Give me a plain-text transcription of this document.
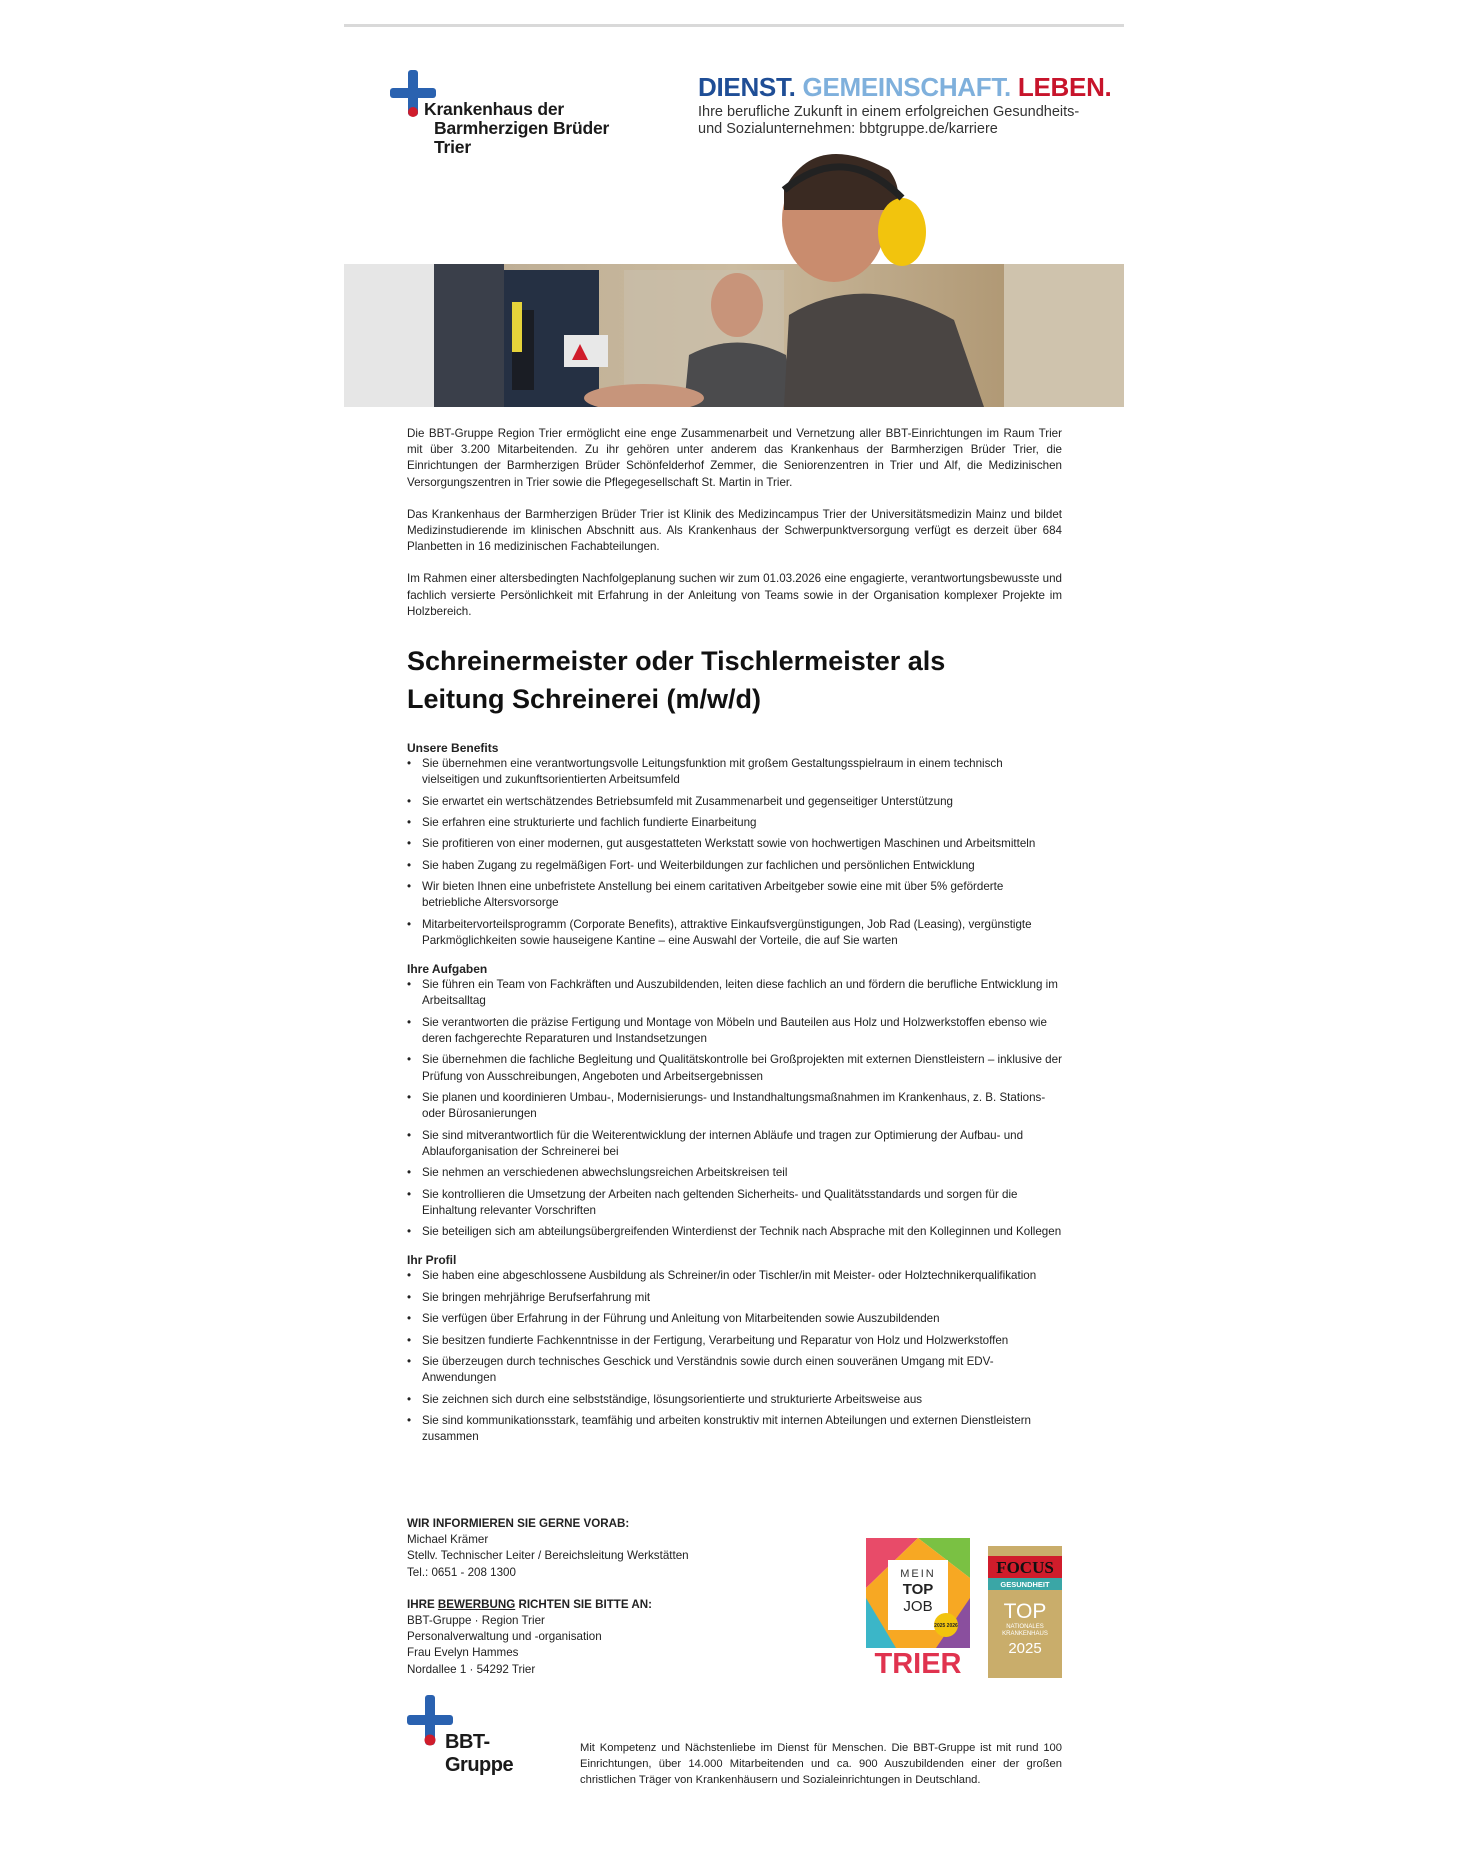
Krankenhaus der
Barmherzigen Brüder Trier
DIENST. GEMEINSCHAFT. LEBEN.
Ihre berufliche Zukunft in einem erfolgreichen Gesundheits-
und Sozialunternehmen: bbtgruppe.de/karriere

Die BBT-Gruppe Region Trier ermöglicht eine enge Zusammenarbeit und Vernetzung aller BBT-Einrichtungen im Raum Trier mit über 3.200 Mitarbeitenden. Zu ihr gehören unter anderem das Krankenhaus der Barmherzigen Brüder Trier, die Einrichtungen der Barmherzigen Brüder Schönfelderhof Zemmer, die Seniorenzentren in Trier und Alf, die Medizinischen Versorgungszentren in Trier sowie die Pflegegesellschaft St. Martin in Trier.

Das Krankenhaus der Barmherzigen Brüder Trier ist Klinik des Medizincampus Trier der Universitätsmedizin Mainz und bildet Medizinstudierende im klinischen Abschnitt aus. Als Krankenhaus der Schwerpunktversorgung verfügt es derzeit über 684 Planbetten in 16 medizinischen Fachabteilungen.

Im Rahmen einer altersbedingten Nachfolgeplanung suchen wir zum 01.03.2026 eine engagierte, verantwortungsbewusste und fachlich versierte Persönlichkeit mit Erfahrung in der Anleitung von Teams sowie in der Organisation komplexer Projekte im Holzbereich.

Schreinermeister oder Tischlermeister als
Leitung Schreinerei (m/w/d)
Unsere Benefits
• Sie übernehmen eine verantwortungsvolle Leitungsfunktion mit großem Gestaltungsspielraum in einem technisch vielseitigen und zukunftsorientierten Arbeitsumfeld
• Sie erwartet ein wertschätzendes Betriebsumfeld mit Zusammenarbeit und gegenseitiger Unterstützung
• Sie erfahren eine strukturierte und fachlich fundierte Einarbeitung
• Sie profitieren von einer modernen, gut ausgestatteten Werkstatt sowie von hochwertigen Maschinen und Arbeitsmitteln
• Sie haben Zugang zu regelmäßigen Fort- und Weiterbildungen zur fachlichen und persönlichen Entwicklung
• Wir bieten Ihnen eine unbefristete Anstellung bei einem caritativen Arbeitgeber sowie eine mit über 5% geförderte betriebliche Altersvorsorge
• Mitarbeitervorteilsprogramm (Corporate Benefits), attraktive Einkaufsvergünstigungen, Job Rad (Leasing), vergünstigte Parkmöglichkeiten sowie hauseigene Kantine – eine Auswahl der Vorteile, die auf Sie warten
Ihre Aufgaben
• Sie führen ein Team von Fachkräften und Auszubildenden, leiten diese fachlich an und fördern die berufliche Entwicklung im Arbeitsalltag
• Sie verantworten die präzise Fertigung und Montage von Möbeln und Bauteilen aus Holz und Holzwerkstoffen ebenso wie deren fachgerechte Reparaturen und Instandsetzungen
• Sie übernehmen die fachliche Begleitung und Qualitätskontrolle bei Großprojekten mit externen Dienstleistern – inklusive der Prüfung von Ausschreibungen, Angeboten und Arbeitsergebnissen
• Sie planen und koordinieren Umbau-, Modernisierungs- und Instandhaltungsmaßnahmen im Krankenhaus, z. B. Stations- oder Bürosanierungen
• Sie sind mitverantwortlich für die Weiterentwicklung der internen Abläufe und tragen zur Optimierung der Aufbau- und Ablauforganisation der Schreinerei bei
• Sie nehmen an verschiedenen abwechslungsreichen Arbeitskreisen teil
• Sie kontrollieren die Umsetzung der Arbeiten nach geltenden Sicherheits- und Qualitätsstandards und sorgen für die Einhaltung relevanter Vorschriften
• Sie beteiligen sich am abteilungsübergreifenden Winterdienst der Technik nach Absprache mit den Kolleginnen und Kollegen
Ihr Profil
• Sie haben eine abgeschlossene Ausbildung als Schreiner/in oder Tischler/in mit Meister- oder Holztechnikerqualifikation
• Sie bringen mehrjährige Berufserfahrung mit
• Sie verfügen über Erfahrung in der Führung und Anleitung von Mitarbeitenden sowie Auszubildenden
• Sie besitzen fundierte Fachkenntnisse in der Fertigung, Verarbeitung und Reparatur von Holz und Holzwerkstoffen
• Sie überzeugen durch technisches Geschick und Verständnis sowie durch einen souveränen Umgang mit EDV-Anwendungen
• Sie zeichnen sich durch eine selbstständige, lösungsorientierte und strukturierte Arbeitsweise aus
• Sie sind kommunikationsstark, teamfähig und arbeiten konstruktiv mit internen Abteilungen und externen Dienstleistern zusammen
WIR INFORMIEREN SIE GERNE VORAB:
Michael Krämer
Stellv. Technischer Leiter / Bereichsleitung Werkstätten
Tel.: 0651 - 208 1300
IHRE BEWERBUNG RICHTEN SIE BITTE AN:
BBT-Gruppe · Region Trier
Personalverwaltung und -organisation
Frau Evelyn Hammes
Nordallee 1 · 54292 Trier
MEIN
TOP
JOB
2025 2026
TRIER
FOCUS
GESUNDHEIT
TOP
NATIONALES
KRANKENHAUS
2025
BBT-Gruppe
Mit Kompetenz und Nächstenliebe im Dienst für Menschen. Die BBT-Gruppe ist mit rund 100 Einrichtungen, über 14.000 Mitarbeitenden und ca. 900 Auszubildenden einer der großen christlichen Träger von Krankenhäusern und Sozialeinrichtungen in Deutschland.
